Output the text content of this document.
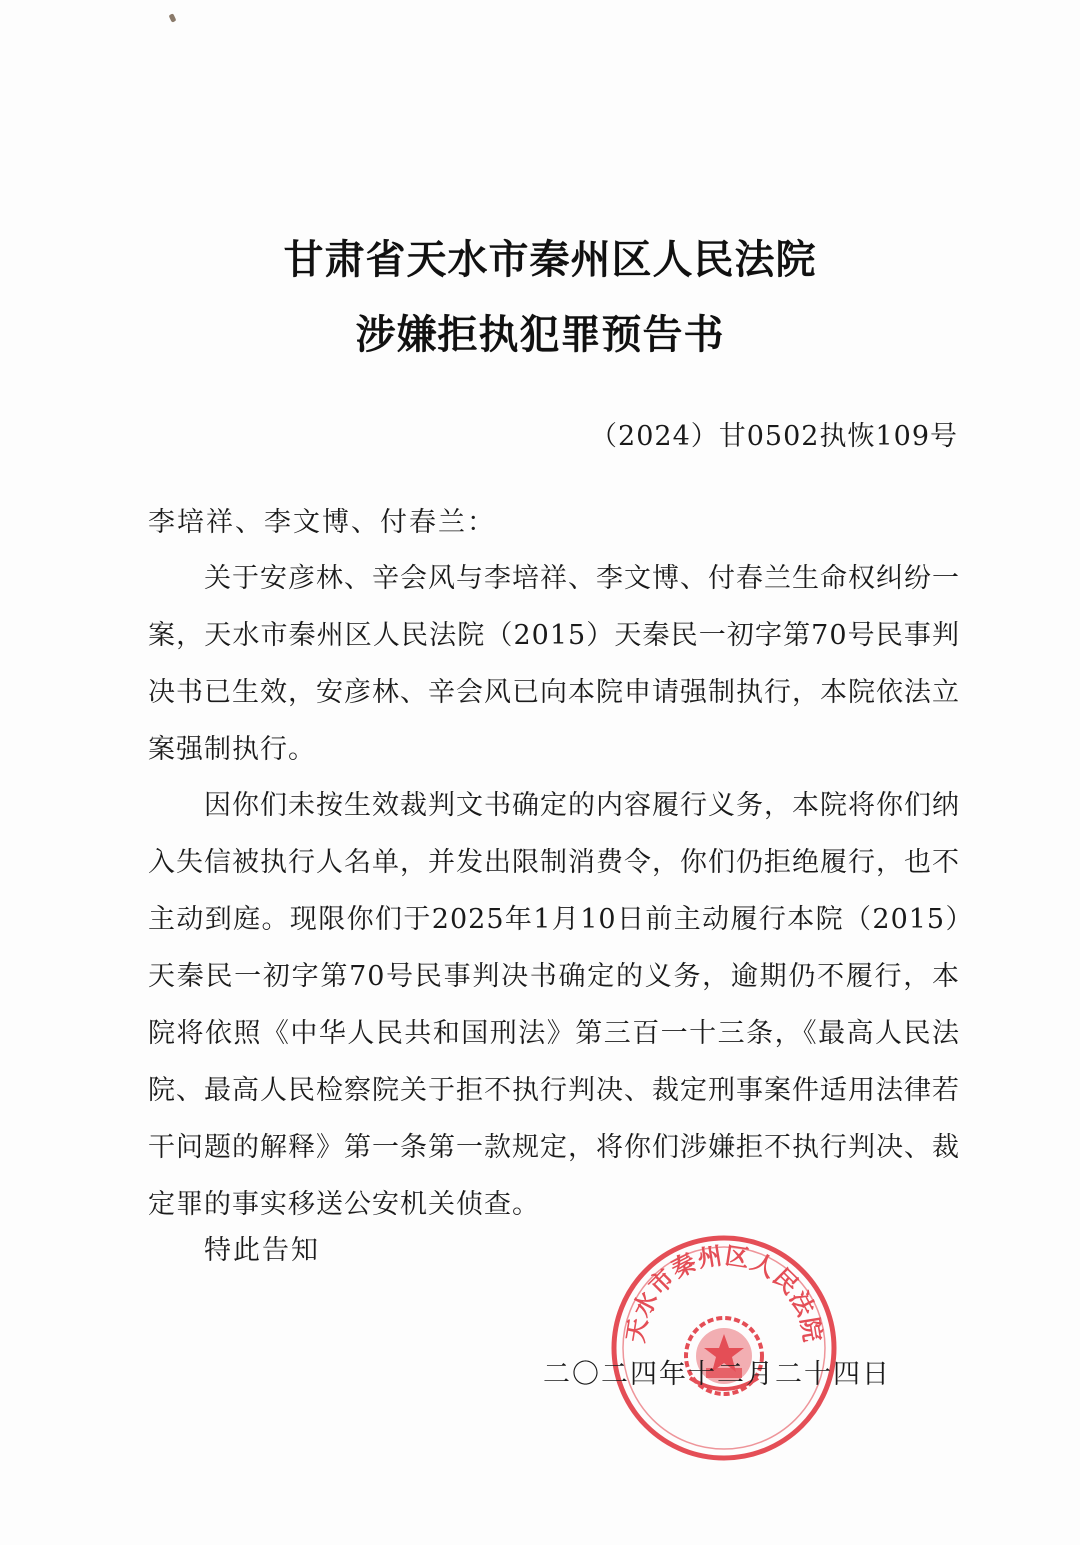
甘肃省天水市秦州区人民法院
涉嫌拒执犯罪预告书
（2024）甘0502执恢109号
李培祥、李文博、付春兰：
关于安彦林、辛会风与李培祥、李文博、付春兰生命权纠纷一案，天水市秦州区人民法院（2015）天秦民一初字第70号民事判决书已生效，安彦林、辛会风已向本院申请强制执行，本院依法立案强制执行。
因你们未按生效裁判文书确定的内容履行义务，本院将你们纳入失信被执行人名单，并发出限制消费令，你们仍拒绝履行，也不主动到庭。现限你们于2025年1月10日前主动履行本院（2015）天秦民一初字第70号民事判决书确定的义务，逾期仍不履行，本院将依照《中华人民共和国刑法》第三百一十三条，《最高人民法院、最高人民检察院关于拒不执行判决、裁定刑事案件适用法律若干问题的解释》第一条第一款规定，将你们涉嫌拒不执行判决、裁定罪的事实移送公安机关侦查。
特此告知
天水市秦州区人民法院
二〇二四年十二月二十四日
